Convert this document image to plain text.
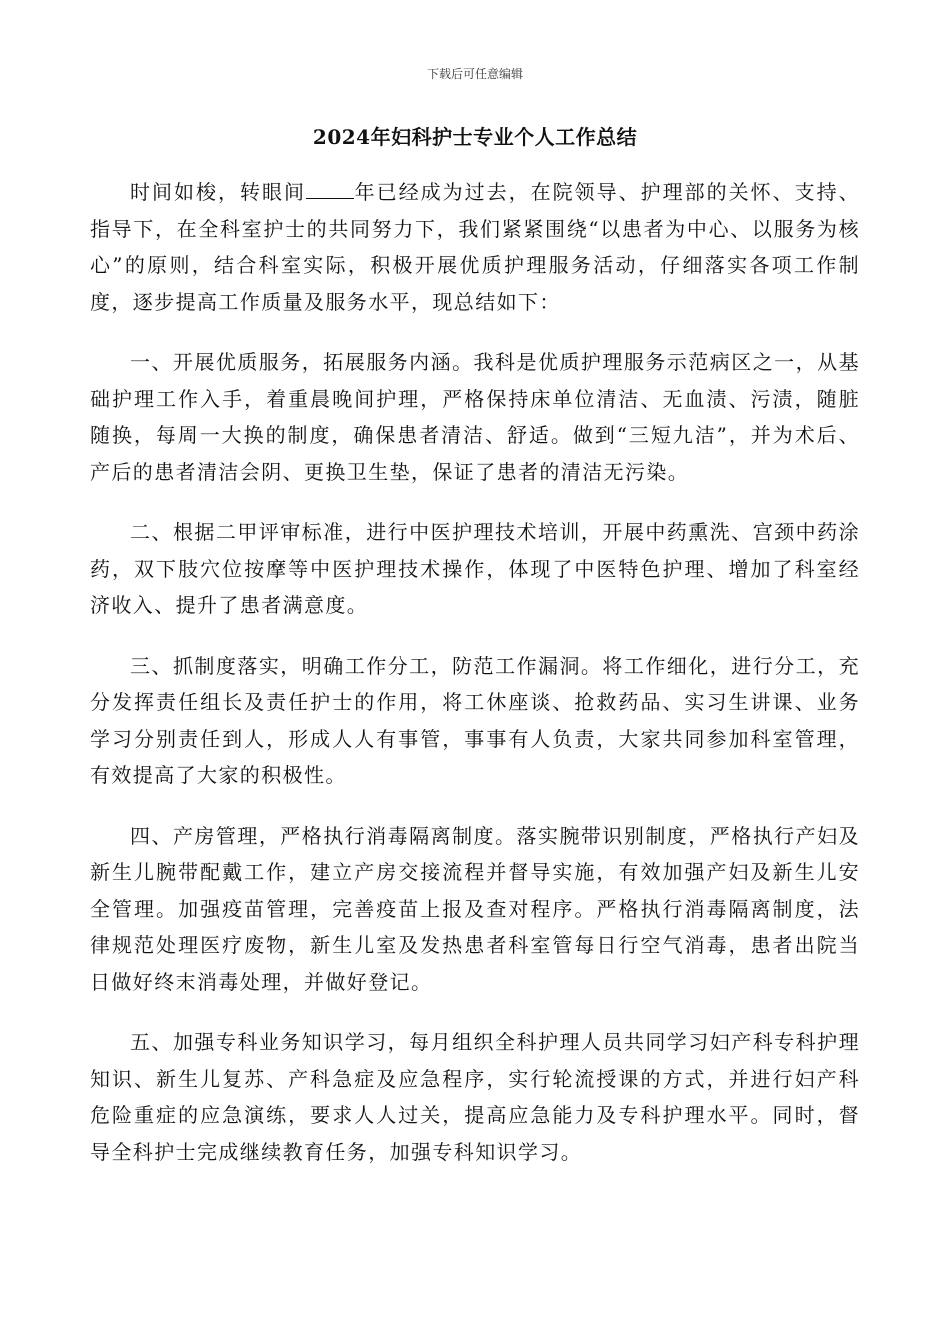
下载后可任意编辑
2024年妇科护士专业个人工作总结

时间如梭，转眼间 年已经成为过去，在院领导、护理部的关怀、支持、指导下，在全科室护士的共同努力下，我们紧紧围绕“以患者为中心、以服务为核心”的原则，结合科室实际，积极开展优质护理服务活动，仔细落实各项工作制度，逐步提高工作质量及服务水平，现总结如下：

一、开展优质服务，拓展服务内涵。我科是优质护理服务示范病区之一，从基础护理工作入手，着重晨晚间护理，严格保持床单位清洁、无血渍、污渍，随脏随换，每周一大换的制度，确保患者清洁、舒适。做到“三短九洁”，并为术后、产后的患者清洁会阴、更换卫生垫，保证了患者的清洁无污染。

二、根据二甲评审标准，进行中医护理技术培训，开展中药熏洗、宫颈中药涂药，双下肢穴位按摩等中医护理技术操作，体现了中医特色护理、增加了科室经济收入、提升了患者满意度。

三、抓制度落实，明确工作分工，防范工作漏洞。将工作细化，进行分工，充分发挥责任组长及责任护士的作用，将工休座谈、抢救药品、实习生讲课、业务学习分别责任到人，形成人人有事管，事事有人负责，大家共同参加科室管理，有效提高了大家的积极性。

四、产房管理，严格执行消毒隔离制度。落实腕带识别制度，严格执行产妇及新生儿腕带配戴工作，建立产房交接流程并督导实施，有效加强产妇及新生儿安全管理。加强疫苗管理，完善疫苗上报及查对程序。严格执行消毒隔离制度，法律规范处理医疗废物，新生儿室及发热患者科室管每日行空气消毒，患者出院当日做好终末消毒处理，并做好登记。

五、加强专科业务知识学习，每月组织全科护理人员共同学习妇产科专科护理知识、新生儿复苏、产科急症及应急程序，实行轮流授课的方式，并进行妇产科危险重症的应急演练，要求人人过关，提高应急能力及专科护理水平。同时，督导全科护士完成继续教育任务，加强专科知识学习。
